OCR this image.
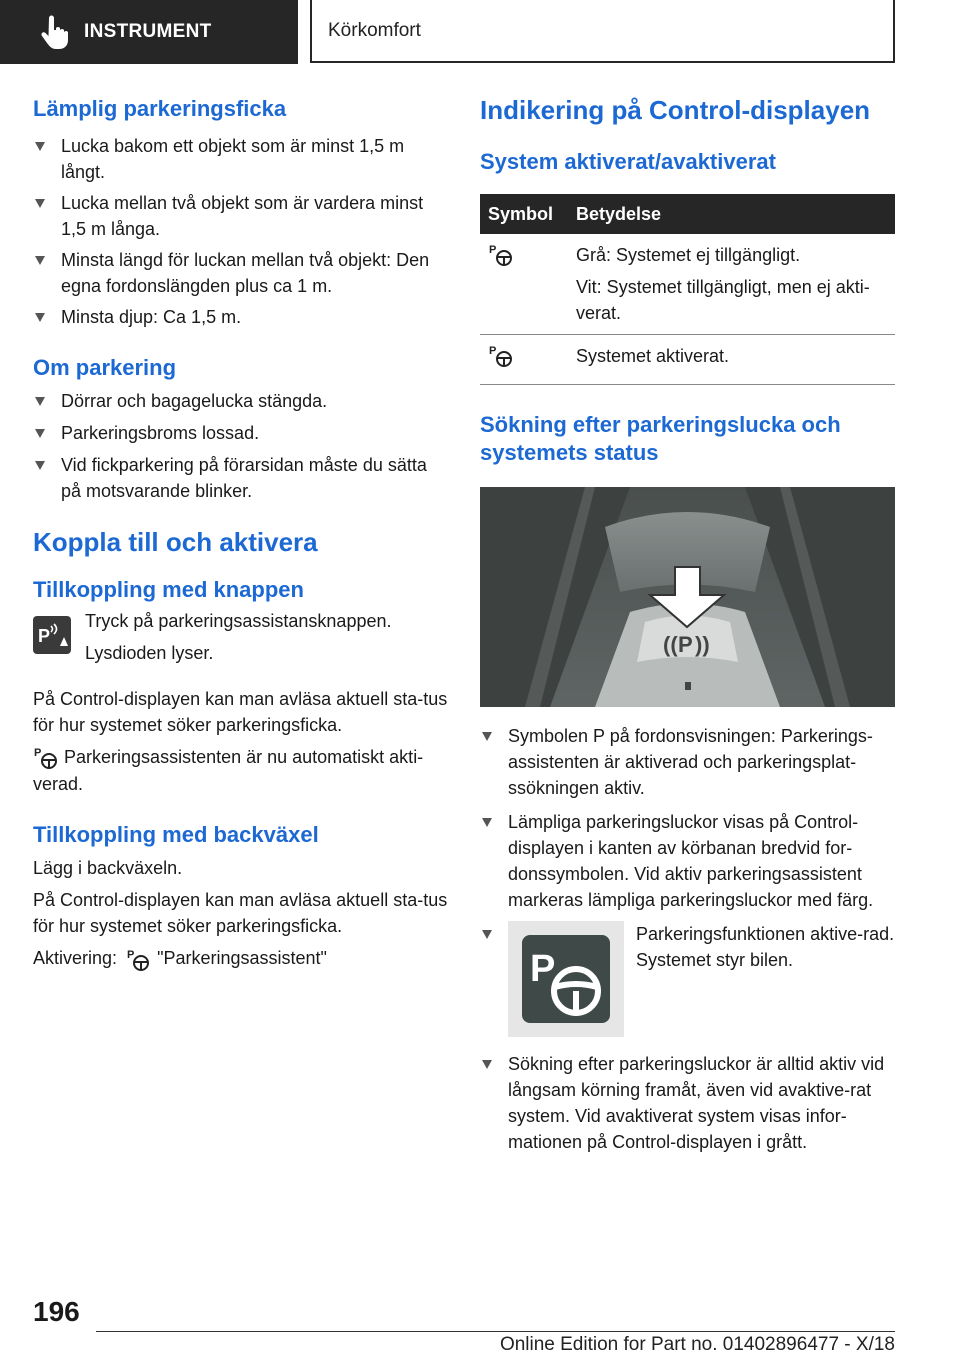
INSTRUMENT	Körkomfort
Lämplig parkeringsficka
Lucka bakom ett objekt som är minst 1,5 m långt.
Lucka mellan två objekt som är vardera minst 1,5 m långa.
Minsta längd för luckan mellan två objekt: Den egna fordonslängden plus ca 1 m.
Minsta djup: Ca 1,5 m.
Om parkering
Dörrar och bagagelucka stängda.
Parkeringsbroms lossad.
Vid fickparkering på förarsidan måste du sätta på motsvarande blinker.
Koppla till och aktivera
Tillkoppling med knappen
P

Tryck på parkeringsassistansknappen.

Lysdioden lyser.

På Control-displayen kan man avläsa aktuell sta-tus för hur systemet söker parkeringsficka.

P Parkeringsassistenten är nu automatiskt akti-verad.

Tillkoppling med backväxel

Lägg i backväxeln.

På Control-displayen kan man avläsa aktuell sta-tus för hur systemet söker parkeringsficka.

Aktivering: P "Parkeringsassistent"

Indikering på Control-displayen
System aktiverat/avaktiverat
Symbol	Betydelse

P	Grå: Systemet ej tillgängligt.

Vit: Systemet tillgängligt, men ej akti-verat.

P	Systemet aktiverat.
Sökning efter parkeringslucka och systemets status
(( P ))
Symbolen P på fordonsvisningen: Parkerings-assistenten är aktiverad och parkeringsplat-ssökningen aktiv.
Lämpliga parkeringsluckor visas på Control-displayen i kanten av körbanan bredvid for-donssymbolen. Vid aktiv parkeringsassistent markeras lämpliga parkeringsluckor med färg.
P
Parkeringsfunktionen aktive-rad. Systemet styr bilen.
Sökning efter parkeringsluckor är alltid aktiv vid långsam körning framåt, även vid avaktive-rat system. Vid avaktiverat system visas infor-mationen på Control-displayen i grått.
196
Online Edition for Part no. 01402896477 - X/18
